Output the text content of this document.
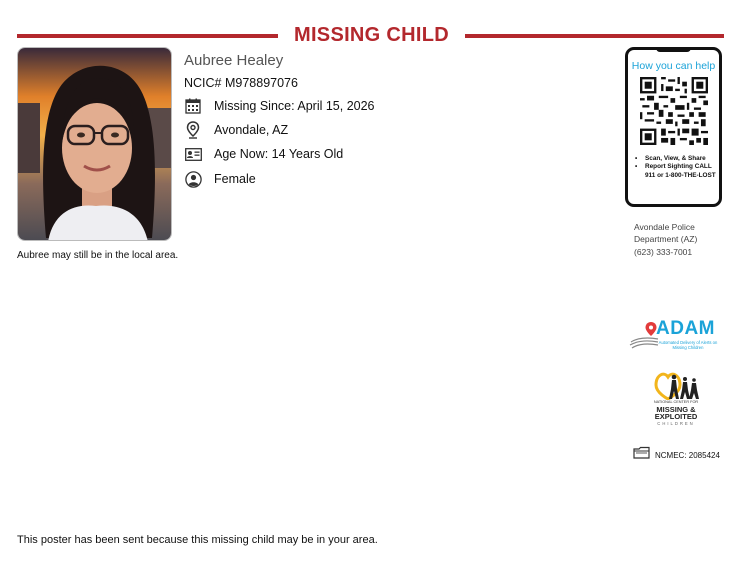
MISSING CHILD
Aubree may still be in the local area.
Aubree Healey
NCIC# M978897076
Missing Since: April 15, 2026
Avondale, AZ
Age Now: 14 Years Old
Female
How you can help
• Scan, View, & Share
• Report Sighting CALL 911 or 1-800-THE-LOST
Avondale Police
Department (AZ)
(623) 333-7001
ADAM
Automated Delivery of Alerts on Missing Children
NATIONAL CENTER FOR
MISSING &
EXPLOITED
CHILDREN
NCMEC: 2085424
This poster has been sent because this missing child may be in your area.
